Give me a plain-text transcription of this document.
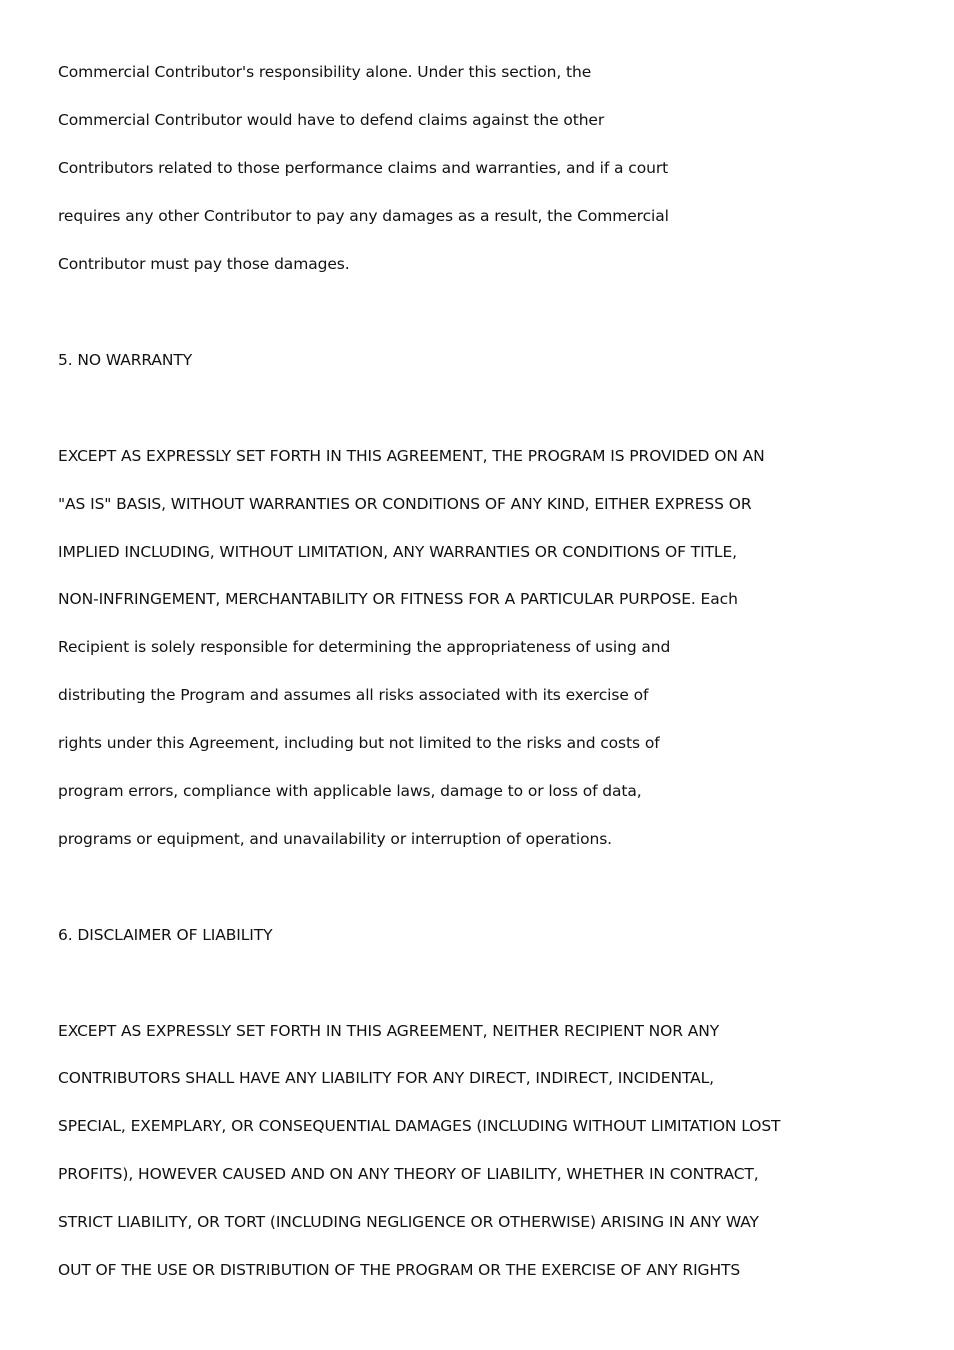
Commercial Contributor's responsibility alone. Under this section, the
Commercial Contributor would have to defend claims against the other
Contributors related to those performance claims and warranties, and if a court
requires any other Contributor to pay any damages as a result, the Commercial
Contributor must pay those damages.
5. NO WARRANTY
EXCEPT AS EXPRESSLY SET FORTH IN THIS AGREEMENT, THE PROGRAM IS PROVIDED ON AN
"AS IS" BASIS, WITHOUT WARRANTIES OR CONDITIONS OF ANY KIND, EITHER EXPRESS OR
IMPLIED INCLUDING, WITHOUT LIMITATION, ANY WARRANTIES OR CONDITIONS OF TITLE,
NON-INFRINGEMENT, MERCHANTABILITY OR FITNESS FOR A PARTICULAR PURPOSE. Each
Recipient is solely responsible for determining the appropriateness of using and
distributing the Program and assumes all risks associated with its exercise of
rights under this Agreement, including but not limited to the risks and costs of
program errors, compliance with applicable laws, damage to or loss of data,
programs or equipment, and unavailability or interruption of operations.
6. DISCLAIMER OF LIABILITY
EXCEPT AS EXPRESSLY SET FORTH IN THIS AGREEMENT, NEITHER RECIPIENT NOR ANY
CONTRIBUTORS SHALL HAVE ANY LIABILITY FOR ANY DIRECT, INDIRECT, INCIDENTAL,
SPECIAL, EXEMPLARY, OR CONSEQUENTIAL DAMAGES (INCLUDING WITHOUT LIMITATION LOST
PROFITS), HOWEVER CAUSED AND ON ANY THEORY OF LIABILITY, WHETHER IN CONTRACT,
STRICT LIABILITY, OR TORT (INCLUDING NEGLIGENCE OR OTHERWISE) ARISING IN ANY WAY
OUT OF THE USE OR DISTRIBUTION OF THE PROGRAM OR THE EXERCISE OF ANY RIGHTS
